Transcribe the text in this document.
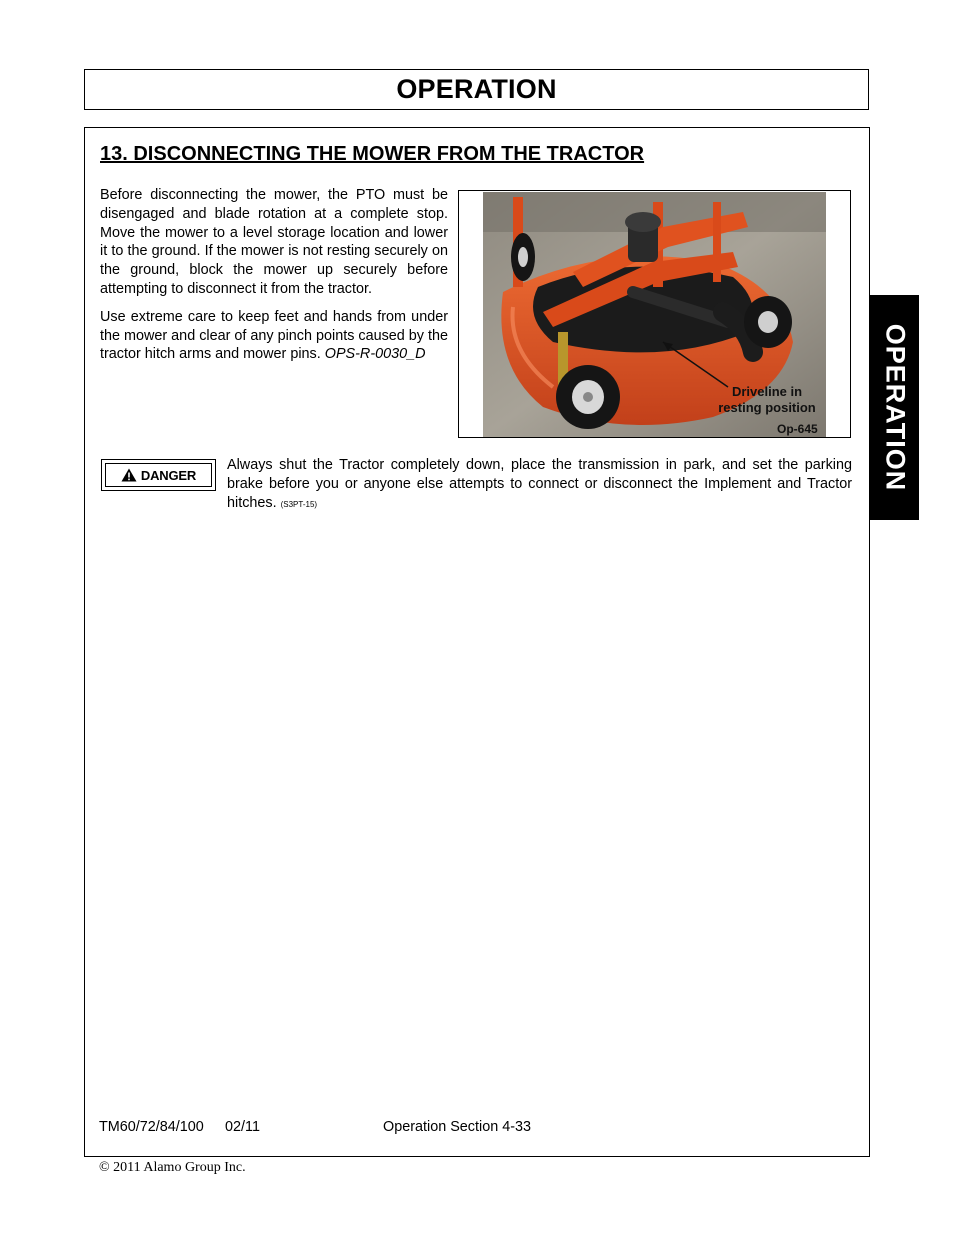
OPERATION
13. DISCONNECTING THE MOWER FROM THE TRACTOR

Before disconnecting the mower, the PTO must be disengaged and blade rotation at a complete stop. Move the mower to a level storage location and lower it to the ground. If the mower is not resting securely on the ground, block the mower up securely before attempting to disconnect it from the tractor.

Use extreme care to keep feet and hands from under the mower and clear of any pinch points caused by the tractor hitch arms and mower pins. OPS-R-0030_D

Driveline in resting position
Op-645
DANGER
Always shut the Tractor completely down, place the transmission in park, and set the parking brake before you or anyone else attempts to connect or disconnect the Implement and Tractor hitches. (S3PT-15)
TM60/72/84/100 02/11	Operation Section 4-33
© 2011 Alamo Group Inc.
OPERATION
